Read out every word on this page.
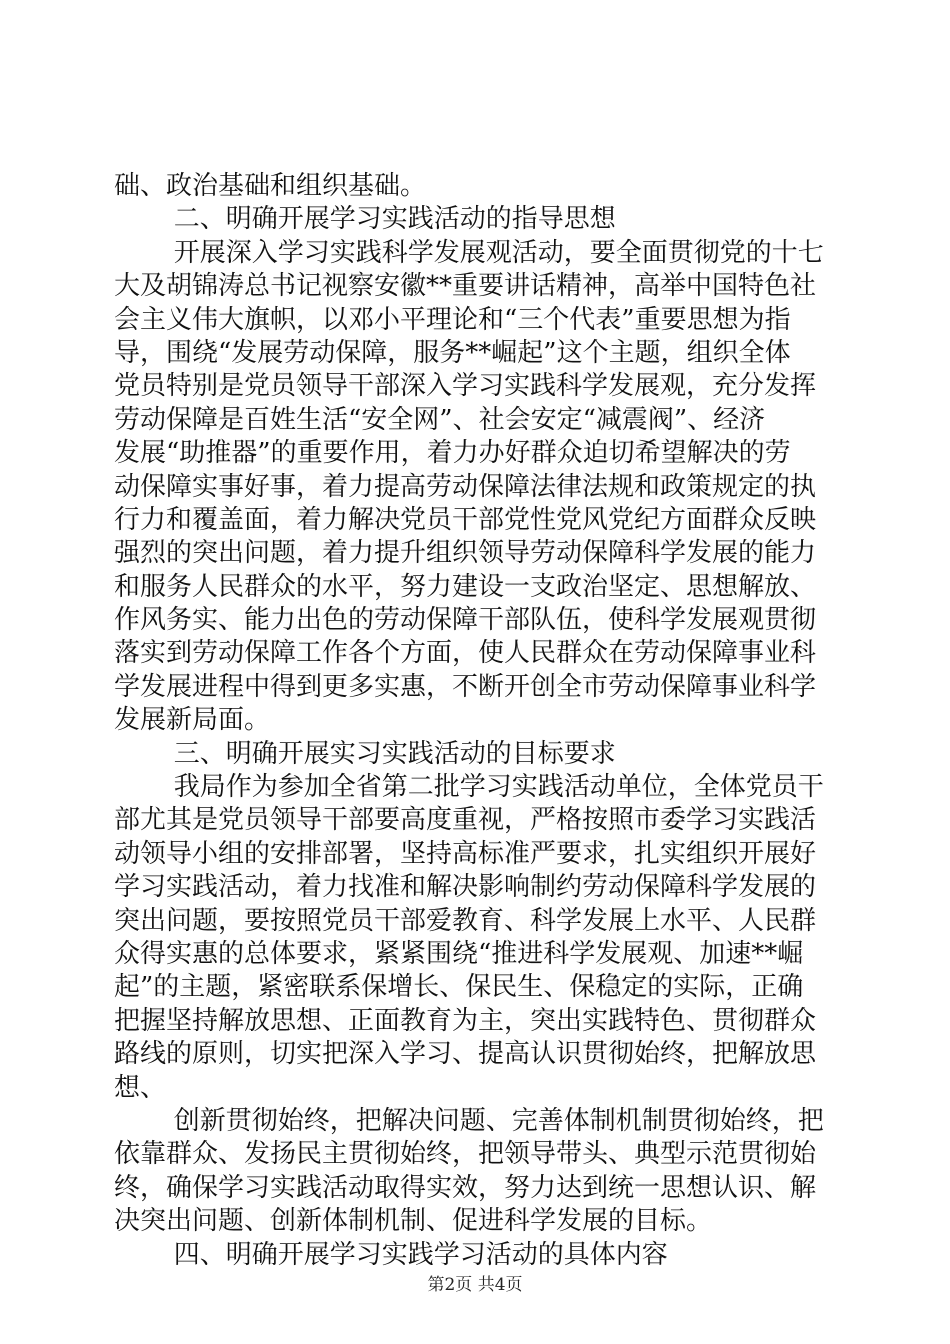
础、政治基础和组织基础。
二、明确开展学习实践活动的指导思想
开展深入学习实践科学发展观活动，要全面贯彻党的十七
大及胡锦涛总书记视察安徽**重要讲话精神，高举中国特色社
会主义伟大旗帜，以邓小平理论和“三个代表”重要思想为指
导，围绕“发展劳动保障，服务**崛起”这个主题，组织全体
党员特别是党员领导干部深入学习实践科学发展观，充分发挥
劳动保障是百姓生活“安全网”、社会安定“减震阀”、经济
发展“助推器”的重要作用，着力办好群众迫切希望解决的劳
动保障实事好事，着力提高劳动保障法律法规和政策规定的执
行力和覆盖面，着力解决党员干部党性党风党纪方面群众反映
强烈的突出问题，着力提升组织领导劳动保障科学发展的能力
和服务人民群众的水平，努力建设一支政治坚定、思想解放、
作风务实、能力出色的劳动保障干部队伍，使科学发展观贯彻
落实到劳动保障工作各个方面，使人民群众在劳动保障事业科
学发展进程中得到更多实惠，不断开创全市劳动保障事业科学
发展新局面。
三、明确开展实习实践活动的目标要求
我局作为参加全省第二批学习实践活动单位，全体党员干
部尤其是党员领导干部要高度重视，严格按照市委学习实践活
动领导小组的安排部署，坚持高标准严要求，扎实组织开展好
学习实践活动，着力找准和解决影响制约劳动保障科学发展的
突出问题，要按照党员干部爱教育、科学发展上水平、人民群
众得实惠的总体要求，紧紧围绕“推进科学发展观、加速**崛
起”的主题，紧密联系保增长、保民生、保稳定的实际，正确
把握坚持解放思想、正面教育为主，突出实践特色、贯彻群众
路线的原则，切实把深入学习、提高认识贯彻始终，把解放思
想、
创新贯彻始终，把解决问题、完善体制机制贯彻始终，把
依靠群众、发扬民主贯彻始终，把领导带头、典型示范贯彻始
终，确保学习实践活动取得实效，努力达到统一思想认识、解
决突出问题、创新体制机制、促进科学发展的目标。
四、明确开展学习实践学习活动的具体内容
第2页 共4页
